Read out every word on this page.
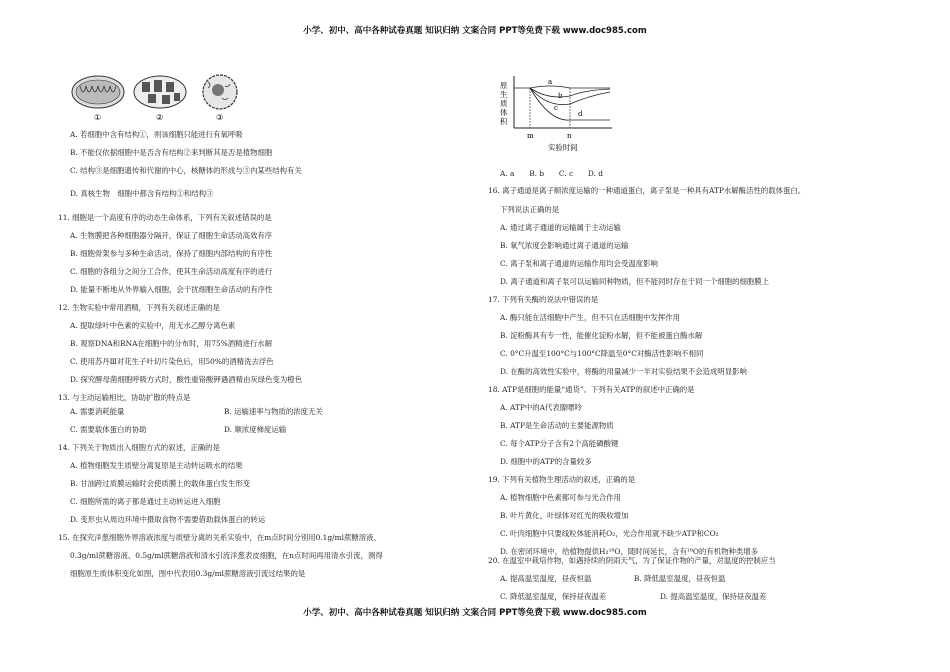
小学、初中、高中各种试卷真题 知识归纳 文案合同 PPT等免费下载 www.doc985.com
①	②	③
A. 若细胞中含有结构①，则该细胞只能进行有氧呼吸
B. 不能仅依据细胞中是否含有结构②来判断其是否是植物细胞
C. 结构③是细胞遗传和代谢的中心，核糖体的形成与③内某些结构有关
D. 真核生物　细胞中都含有结构①和结构③
11. 细胞是一个高度有序的动态生命体系，下列有关叙述错误的是
A. 生物膜把各种细胞器分隔开，保证了细胞生命活动高效有序
B. 细胞骨架参与多种生命活动，保持了细胞内部结构的有序性
C. 细胞的各组分之间分工合作，使其生命活动高度有序的进行
D. 能量不断地从外界输入细胞，会干扰细胞生命活动的有序性
12. 生物实验中常用酒精，下列有关叙述正确的是
A. 提取绿叶中色素的实验中，用无水乙醇分离色素
B. 观察DNA和RNA在细胞中的分布时，用75%酒精进行水解
C. 使用苏丹Ⅲ对花生子叶切片染色后，用50%的酒精洗去浮色
D. 探究酵母菌细胞呼吸方式时，酸性重铬酸钾遇酒精由灰绿色变为橙色
13. 与主动运输相比，协助扩散的特点是
14. 下列关于物质出入细胞方式的叙述，正确的是
A. 植物细胞发生质壁分离复原是主动转运吸水的结果
B. 甘油跨过质膜运输时会使质膜上的载体蛋白发生形变
C. 细胞所需的离子都是通过主动转运进入细胞
D. 变形虫从周边环境中摄取食物不需要借助载体蛋白的转运
15. 在探究洋葱细胞外界溶液浓度与质壁分离的关系实验中，在m点时间分别用0.1g/ml蔗糖溶液、
0.3g/ml蔗糖溶液、0.5g/ml蔗糖溶液和清水引流洋葱表皮细胞，在n点时间再用清水引流，测得
细胞原生质体积变化如图，图中代表用0.3g/ml蔗糖溶液引流过结果的是
A. 需要消耗能量	B. 运输速率与物质的浓度无关
C. 需要载体蛋白的协助	D. 顺浓度梯度运输
原生质体积
a
b
c
d
m	n
实验时间
A. a　　B. b　　C. c　　D. d
16. 离子通道是离子顺浓度运输的一种通道蛋白，离子泵是一种具有ATP水解酶活性的载体蛋白。
下列说法正确的是
A. 通过离子通道的运输属于主动运输
B. 氧气浓度会影响通过离子通道的运输
C. 离子泵和离子通道的运输作用均会受温度影响
D. 离子通道和离子泵可以运输同种物质，但不能同时存在于同一个细胞的细胞膜上
17. 下列有关酶的说法中错误的是
A. 酶只能在活细胞中产生，但不只在活细胞中发挥作用
B. 淀粉酶具有专一性，能催化淀粉水解，但不能被蛋白酶水解
C. 0°C升温至100°C与100°C降温至0°C对酶活性影响不相同
D. 在酶的高效性实验中，将酶的用量减少一半对实验结果不会造成明显影响
18. ATP是细胞的能量“通货”。下列有关ATP的叙述中正确的是
A. ATP中的A代表腺嘌呤
B. ATP是生命活动的主要能源物质
C. 每个ATP分子含有2个高能磷酸键
D. 细胞中的ATP的含量较多
19. 下列有关植物生理活动的叙述，正确的是
A. 植物细胞中色素都可参与光合作用
B. 叶片黄化，叶绿体对红光的吸收增加
C. 叶肉细胞中只要线粒体能消耗O₂，光合作用就不缺少ATP和CO₂
D. 在密闭环境中，给植物提供H₂¹⁸O，随时间延长，含有¹⁸O的有机物种类增多
20. 在温室中栽培作物，如遇持续的阴雨天气，为了保证作物的产量，对温度的控制应当
A. 提高温室温度，昼夜恒温	B. 降低温室温度，昼夜恒温
C. 降低温室温度，保持昼夜温差	D. 提高温室温度，保持昼夜温差
小学、初中、高中各种试卷真题 知识归纳 文案合同 PPT等免费下载 www.doc985.com
